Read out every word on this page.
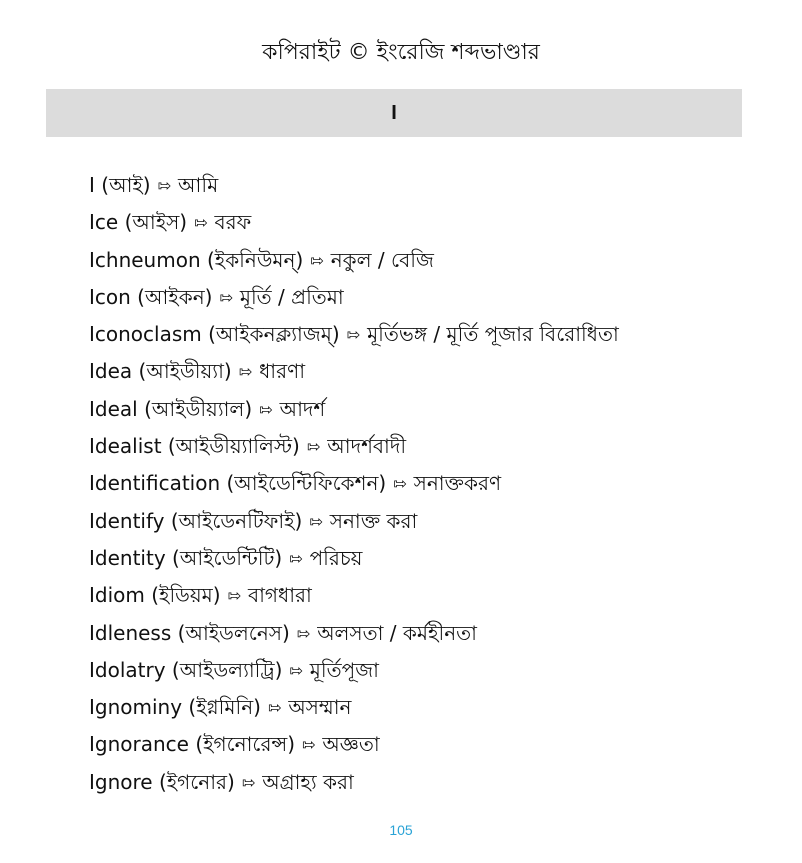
কপিরাইট © ইংরেজি শব্দভাণ্ডার
I
I (আই) ⇰ আমি
Ice (আইস) ⇰ বরফ
Ichneumon (ইকনিউমন্) ⇰ নকুল / বেজি
Icon (আইকন) ⇰ মূর্তি / প্রতিমা
Iconoclasm (আইকনক্ল্যাজম্) ⇰ মূর্তিভঙ্গ / মূর্তি পূজার বিরোধিতা
Idea (আইডীয়্যা) ⇰ ধারণা
Ideal (আইডীয়্যাল) ⇰ আদর্শ
Idealist (আইডীয়্যালিস্ট) ⇰ আদর্শবাদী
Identification (আইডেন্টিফিকেশন) ⇰ সনাক্তকরণ
Identify (আইডেনটিফাই) ⇰ সনাক্ত করা
Identity (আইডেন্টিটি) ⇰ পরিচয়
Idiom (ইডিয়ম) ⇰ বাগধারা
Idleness (আইডলনেস) ⇰ অলসতা / কর্মহীনতা
Idolatry (আইডল্যাট্রি) ⇰ মূর্তিপূজা
Ignominy (ইগ্নমিনি) ⇰ অসম্মান
Ignorance (ইগনোরেন্স) ⇰ অজ্ঞতা
Ignore (ইগনোর) ⇰ অগ্রাহ্য করা
105
